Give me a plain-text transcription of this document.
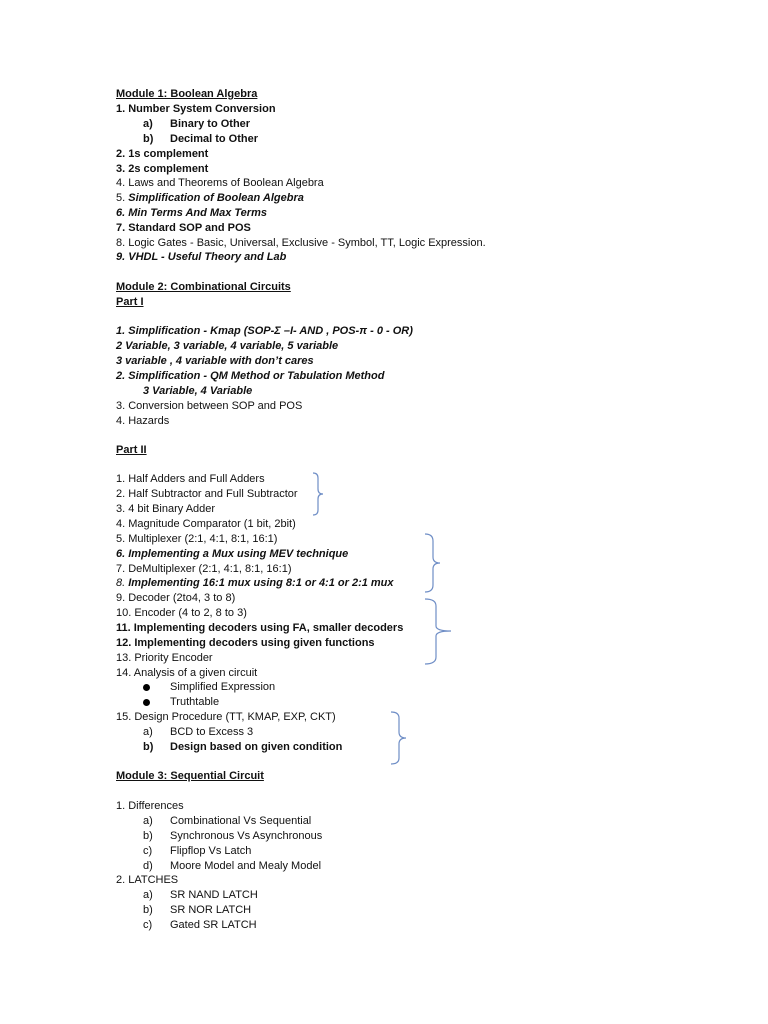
Module 1: Boolean Algebra
1. Number System Conversion
a) Binary to Other
b) Decimal to Other
2. 1s complement
3. 2s complement
4. Laws and Theorems of Boolean Algebra
5. Simplification of Boolean Algebra
6. Min Terms And Max Terms
7. Standard SOP and POS
8. Logic Gates - Basic, Universal, Exclusive - Symbol, TT, Logic Expression.
9. VHDL - Useful Theory and Lab
Module 2: Combinational Circuits
Part I
1. Simplification - Kmap (SOP-Σ –I- AND , POS-π - 0 - OR)
2 Variable, 3 variable, 4 variable, 5 variable
3 variable , 4 variable with don’t cares
2. Simplification - QM Method or Tabulation Method
3 Variable, 4 Variable
3. Conversion between SOP and POS
4. Hazards
Part II
1. Half Adders and Full Adders
2. Half Subtractor and Full Subtractor
3. 4 bit Binary Adder
4. Magnitude Comparator (1 bit, 2bit)
5. Multiplexer (2:1, 4:1, 8:1, 16:1)
6. Implementing a Mux using MEV technique
7. DeMultiplexer (2:1, 4:1, 8:1, 16:1)
8. Implementing 16:1 mux using 8:1 or 4:1 or 2:1 mux
9. Decoder (2to4, 3 to 8)
10. Encoder (4 to 2, 8 to 3)
11. Implementing decoders using FA, smaller decoders
12. Implementing decoders using given functions
13. Priority Encoder
14. Analysis of a given circuit
Simplified Expression
Truthtable
15. Design Procedure (TT, KMAP, EXP, CKT)
a) BCD to Excess 3
b) Design based on given condition
Module 3: Sequential Circuit
1. Differences
a) Combinational Vs Sequential
b) Synchronous Vs Asynchronous
c) Flipflop Vs Latch
d) Moore Model and Mealy Model
2. LATCHES
a) SR NAND LATCH
b) SR NOR LATCH
c) Gated SR LATCH
